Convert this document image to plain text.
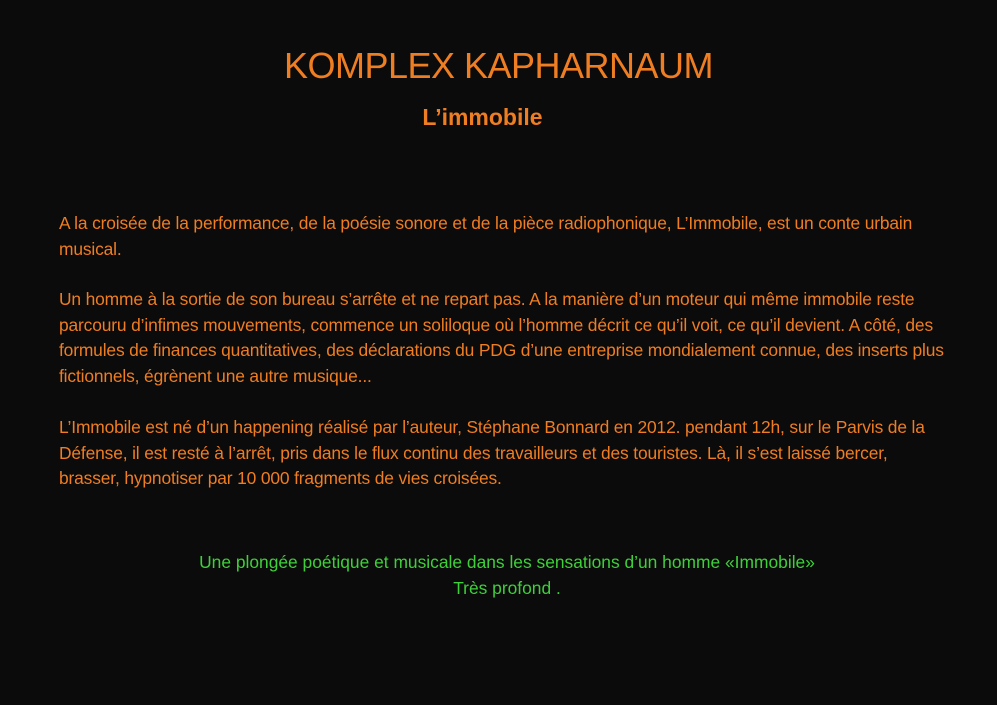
KOMPLEX KAPHARNAUM
L’immobile

A la croisée de la performance, de la poésie sonore et de la pièce radiophonique, L’Immobile, est un conte urbain musical.

Un homme à la sortie de son bureau s’arrête et ne repart pas. A la manière d’un moteur qui même immobile reste parcouru d’infimes mouvements, commence un soliloque où l’homme décrit ce qu’il voit, ce qu’il devient. A côté, des formules de finances quantitatives, des déclarations du PDG d’une entreprise mondialement connue, des inserts plus fictionnels, égrènent une autre musique...

L’Immobile est né d’un happening réalisé par l’auteur, Stéphane Bonnard en 2012. pendant 12h, sur le Parvis de la Défense, il est resté à l’arrêt, pris dans le flux continu des travailleurs et des touristes. Là, il s’est laissé bercer, brasser, hypnotiser par 10 000 fragments de vies croisées.

Une plongée poétique et musicale dans les sensations d’un homme «Immobile»

Très profond .
